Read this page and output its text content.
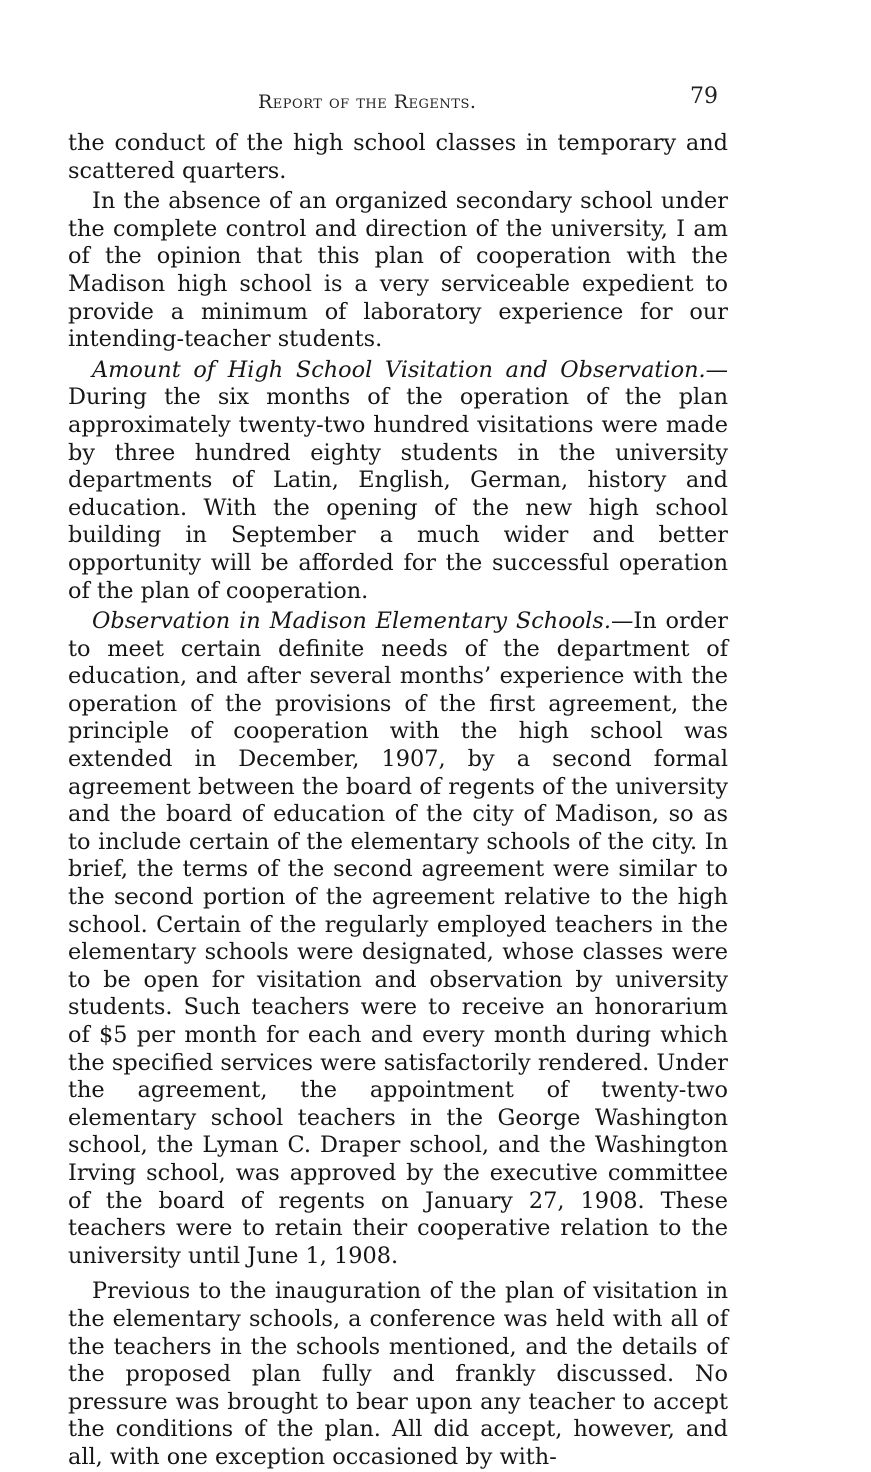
Report of the Regents.	79

the conduct of the high school classes in temporary and scattered quarters.

In the absence of an organized secondary school under the complete control and direction of the university, I am of the opinion that this plan of cooperation with the Madison high school is a very serviceable expedient to provide a minimum of laboratory experience for our intending-teacher students.

Amount of High School Visitation and Observation.—During the six months of the operation of the plan approximately twenty-two hundred visitations were made by three hundred eighty students in the university departments of Latin, English, German, history and education. With the opening of the new high school building in September a much wider and better opportunity will be afforded for the successful operation of the plan of cooperation.

Observation in Madison Elementary Schools.—In order to meet certain definite needs of the department of education, and after several months’ experience with the operation of the provisions of the first agreement, the principle of cooperation with the high school was extended in December, 1907, by a second formal agreement between the board of regents of the university and the board of education of the city of Madison, so as to include certain of the elementary schools of the city. In brief, the terms of the second agreement were similar to the second portion of the agreement relative to the high school. Certain of the regularly employed teachers in the elementary schools were designated, whose classes were to be open for visitation and observation by university students. Such teachers were to receive an honorarium of $5 per month for each and every month during which the specified services were satisfactorily rendered. Under the agreement, the appointment of twenty-two elementary school teachers in the George Washington school, the Lyman C. Draper school, and the Washington Irving school, was approved by the executive committee of the board of regents on January 27, 1908. These teachers were to retain their cooperative relation to the university until June 1, 1908.

Previous to the inauguration of the plan of visitation in the elementary schools, a conference was held with all of the teachers in the schools mentioned, and the details of the proposed plan fully and frankly discussed. No pressure was brought to bear upon any teacher to accept the conditions of the plan. All did accept, however, and all, with one exception occasioned by with-
